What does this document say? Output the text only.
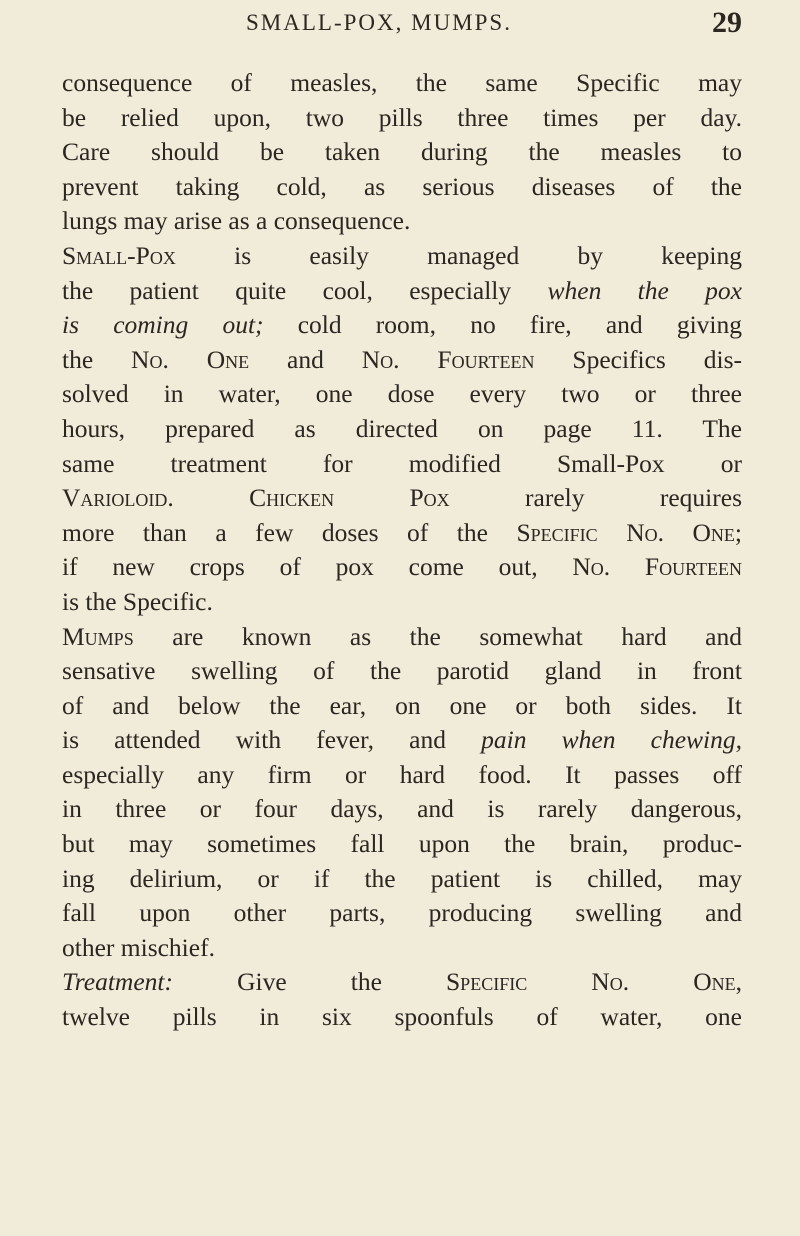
SMALL-POX, MUMPS.	29
consequence of measles, the same Specific may
be relied upon, two pills three times per day.
Care should be taken during the measles to
prevent taking cold, as serious diseases of the
lungs may arise as a consequence.
Small-Pox is easily managed by keeping
the patient quite cool, especially when the pox
is coming out; cold room, no fire, and giving
the No. One and No. Fourteen Specifics dis-
solved in water, one dose every two or three
hours, prepared as directed on page 11. The
same treatment for modified Small-Pox or
Varioloid.	Chicken Pox rarely requires
more than a few doses of the Specific No. One;
if new crops of pox come out, No. Fourteen
is the Specific.
Mumps are known as the somewhat hard and
sensative swelling of the parotid gland in front
of and below the ear, on one or both sides. It
is attended with fever, and pain when chewing,
especially any firm or hard food. It passes off
in three or four days, and is rarely dangerous,
but may sometimes fall upon the brain, produc-
ing delirium, or if the patient is chilled, may
fall upon other parts, producing swelling and
other mischief.
Treatment: Give the Specific No. One,
twelve pills in six spoonfuls of water, one
